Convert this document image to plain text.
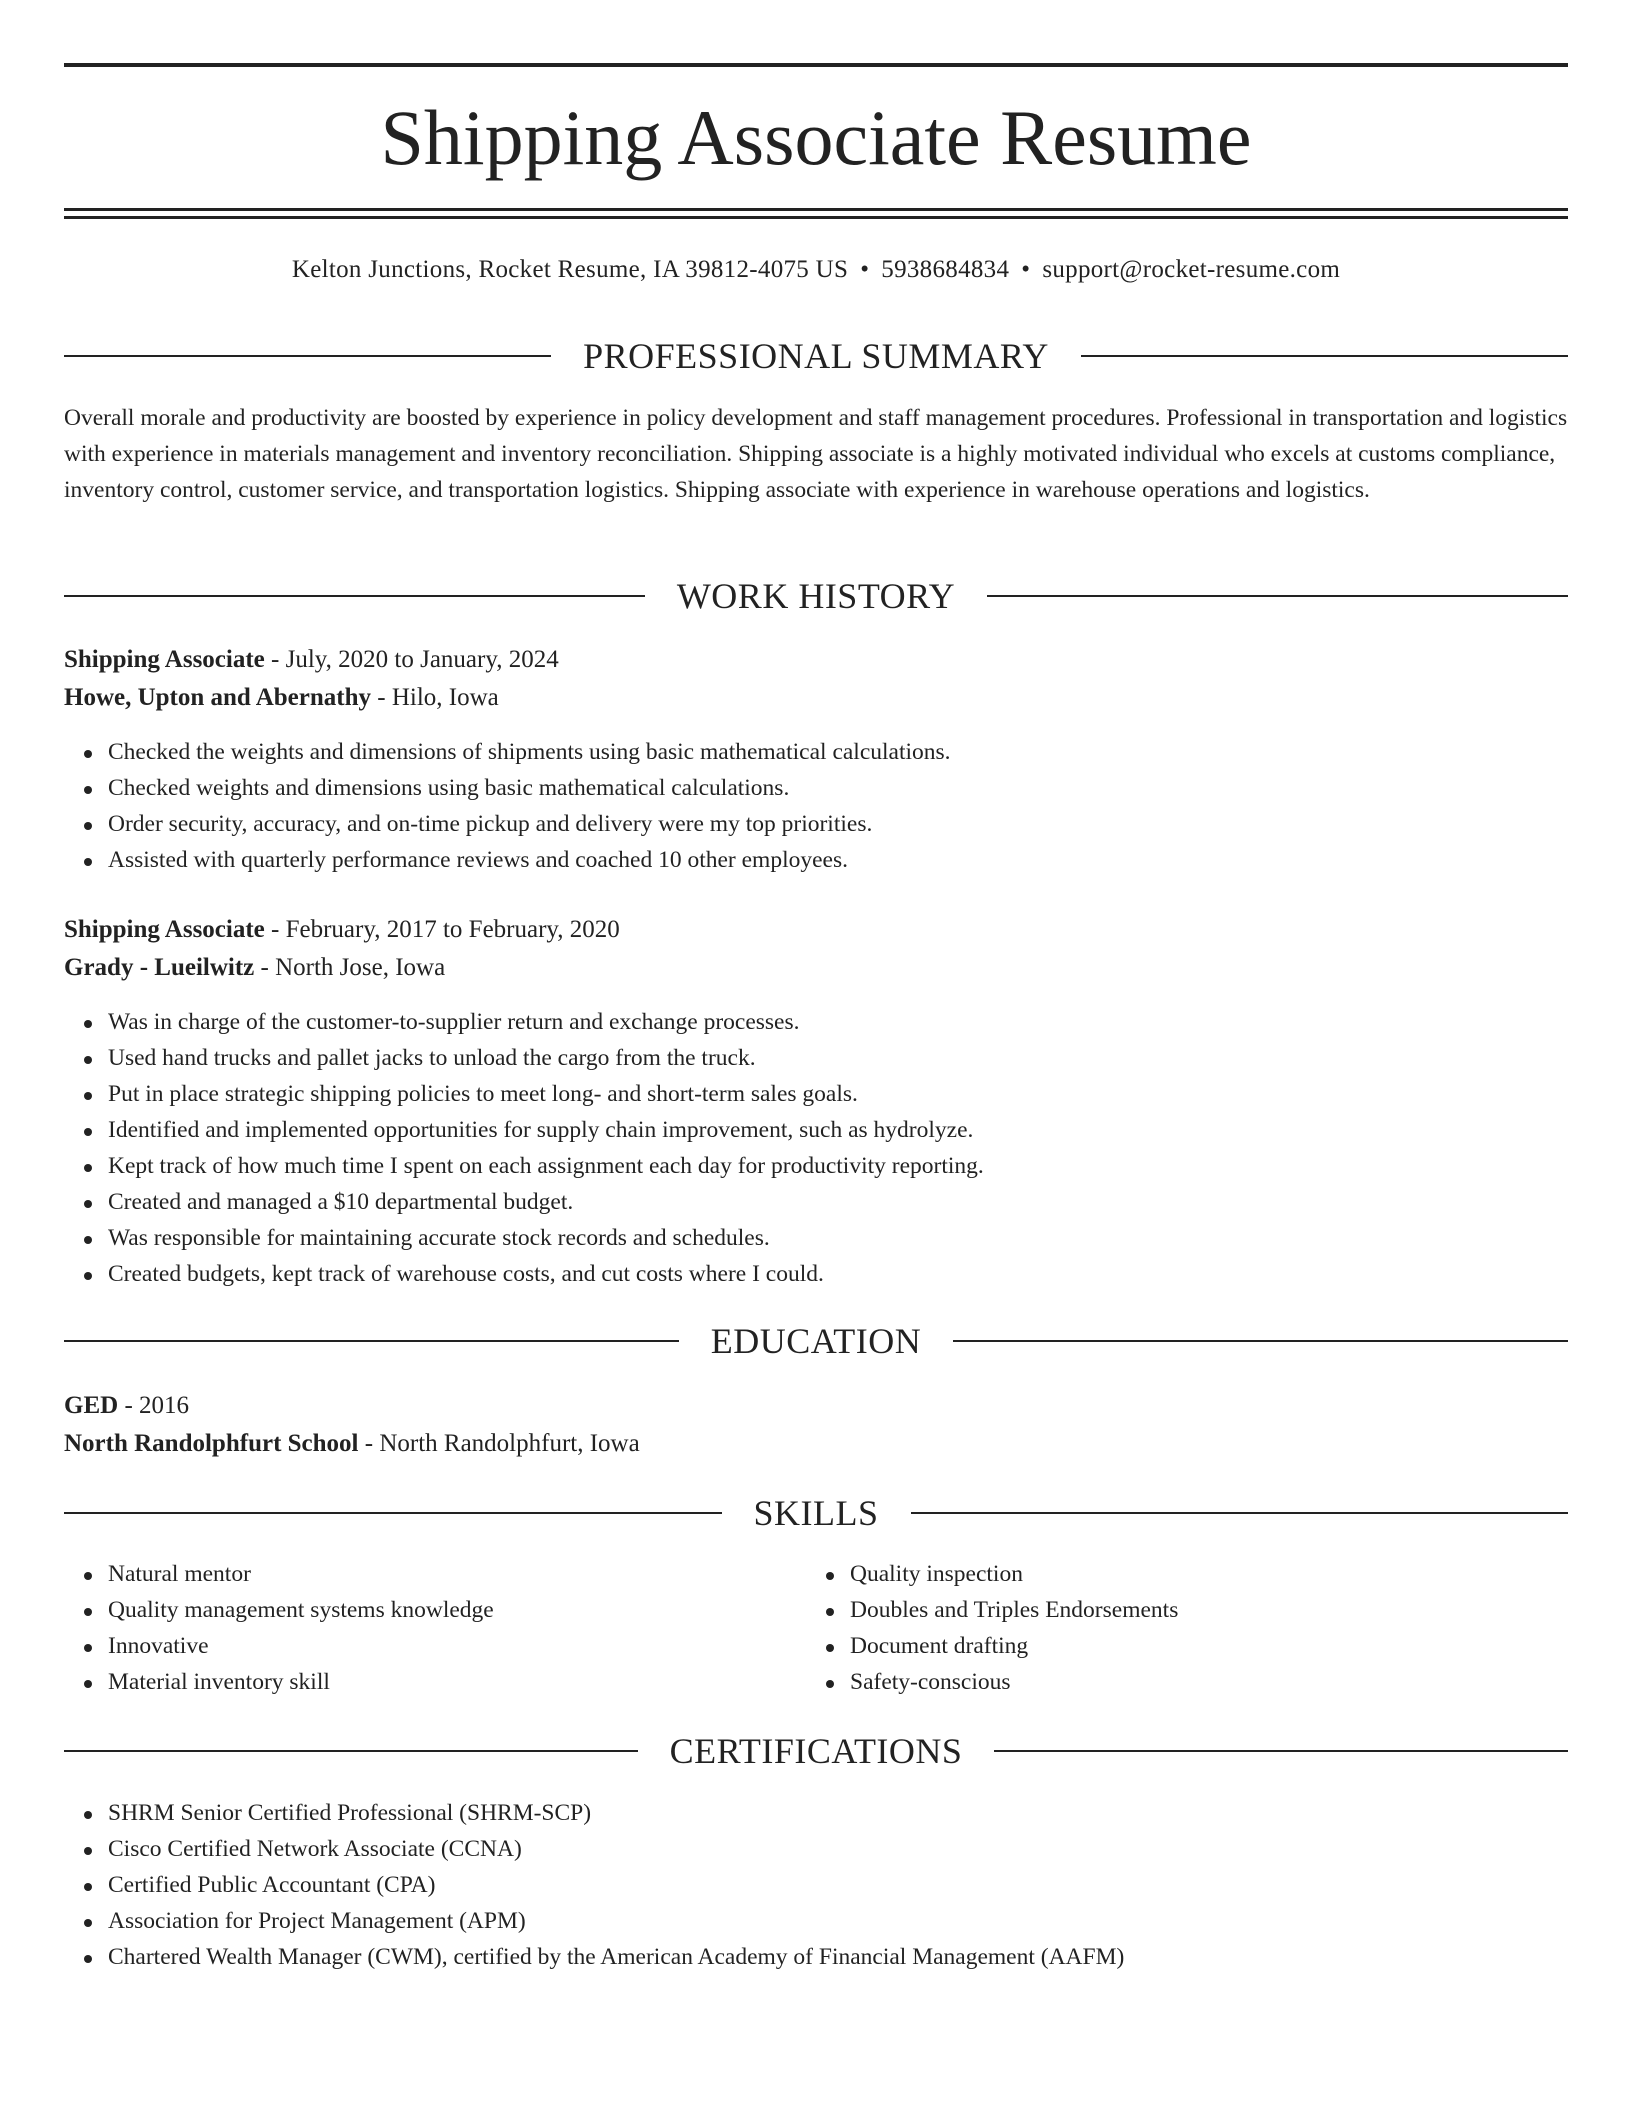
Shipping Associate Resume
Kelton Junctions, Rocket Resume, IA 39812-4075 US • 5938684834 • support@rocket-resume.com
PROFESSIONAL SUMMARY

Overall morale and productivity are boosted by experience in policy development and staff management procedures. Professional in transportation and logistics with experience in materials management and inventory reconciliation. Shipping associate is a highly motivated individual who excels at customs compliance, inventory control, customer service, and transportation logistics. Shipping associate with experience in warehouse operations and logistics.

WORK HISTORY
Shipping Associate - July, 2020 to January, 2024
Howe, Upton and Abernathy - Hilo, Iowa
Checked the weights and dimensions of shipments using basic mathematical calculations.
Checked weights and dimensions using basic mathematical calculations.
Order security, accuracy, and on-time pickup and delivery were my top priorities.
Assisted with quarterly performance reviews and coached 10 other employees.
Shipping Associate - February, 2017 to February, 2020
Grady - Lueilwitz - North Jose, Iowa
Was in charge of the customer-to-supplier return and exchange processes.
Used hand trucks and pallet jacks to unload the cargo from the truck.
Put in place strategic shipping policies to meet long- and short-term sales goals.
Identified and implemented opportunities for supply chain improvement, such as hydrolyze.
Kept track of how much time I spent on each assignment each day for productivity reporting.
Created and managed a $10 departmental budget.
Was responsible for maintaining accurate stock records and schedules.
Created budgets, kept track of warehouse costs, and cut costs where I could.
EDUCATION
GED - 2016
North Randolphfurt School - North Randolphfurt, Iowa
SKILLS
Natural mentor
Quality management systems knowledge
Innovative
Material inventory skill
Quality inspection
Doubles and Triples Endorsements
Document drafting
Safety-conscious
CERTIFICATIONS
SHRM Senior Certified Professional (SHRM-SCP)
Cisco Certified Network Associate (CCNA)
Certified Public Accountant (CPA)
Association for Project Management (APM)
Chartered Wealth Manager (CWM), certified by the American Academy of Financial Management (AAFM)
